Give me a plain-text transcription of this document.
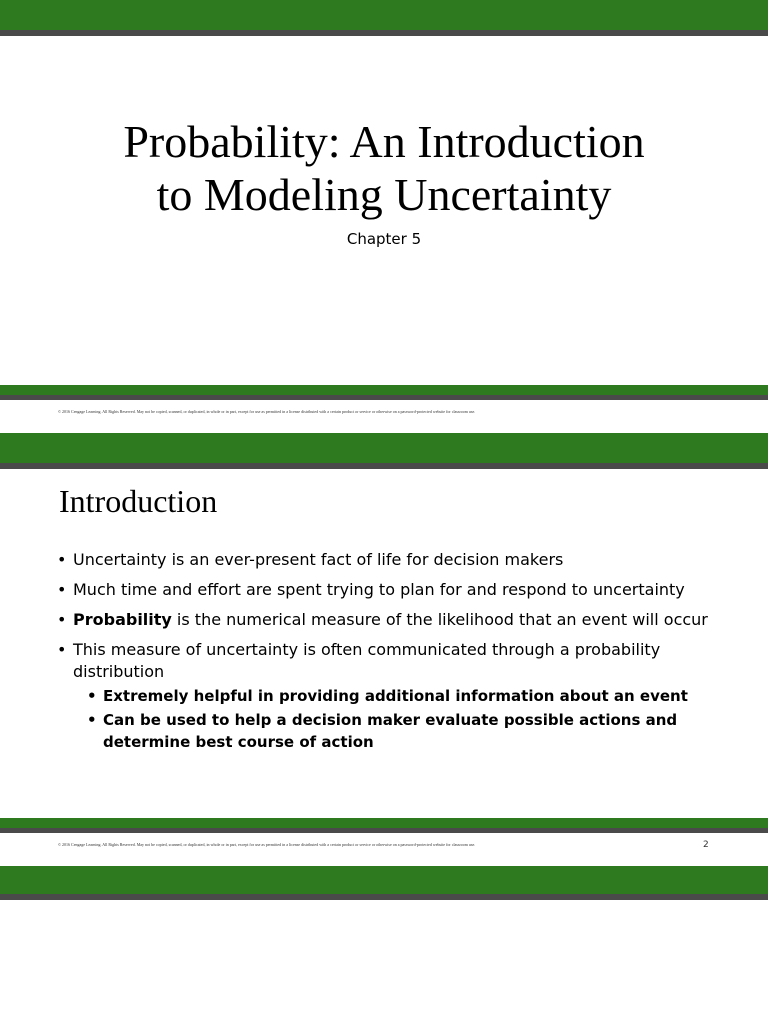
Probability: An Introduction
to Modeling Uncertainty
Chapter 5
© 2016 Cengage Learning. All Rights Reserved. May not be copied, scanned, or duplicated, in whole or in part, except for use as permitted in a license distributed with a certain product or service or otherwise on a password-protected website for classroom use.
Introduction
• Uncertainty is an ever-present fact of life for decision makers
• Much time and effort are spent trying to plan for and respond to uncertainty
• Probability is the numerical measure of the likelihood that an event will occur
• This measure of uncertainty is often communicated through a probability distribution
• Extremely helpful in providing additional information about an event
• Can be used to help a decision maker evaluate possible actions and determine best course of action
© 2016 Cengage Learning. All Rights Reserved. May not be copied, scanned, or duplicated, in whole or in part, except for use as permitted in a license distributed with a certain product or service or otherwise on a password-protected website for classroom use.	2
